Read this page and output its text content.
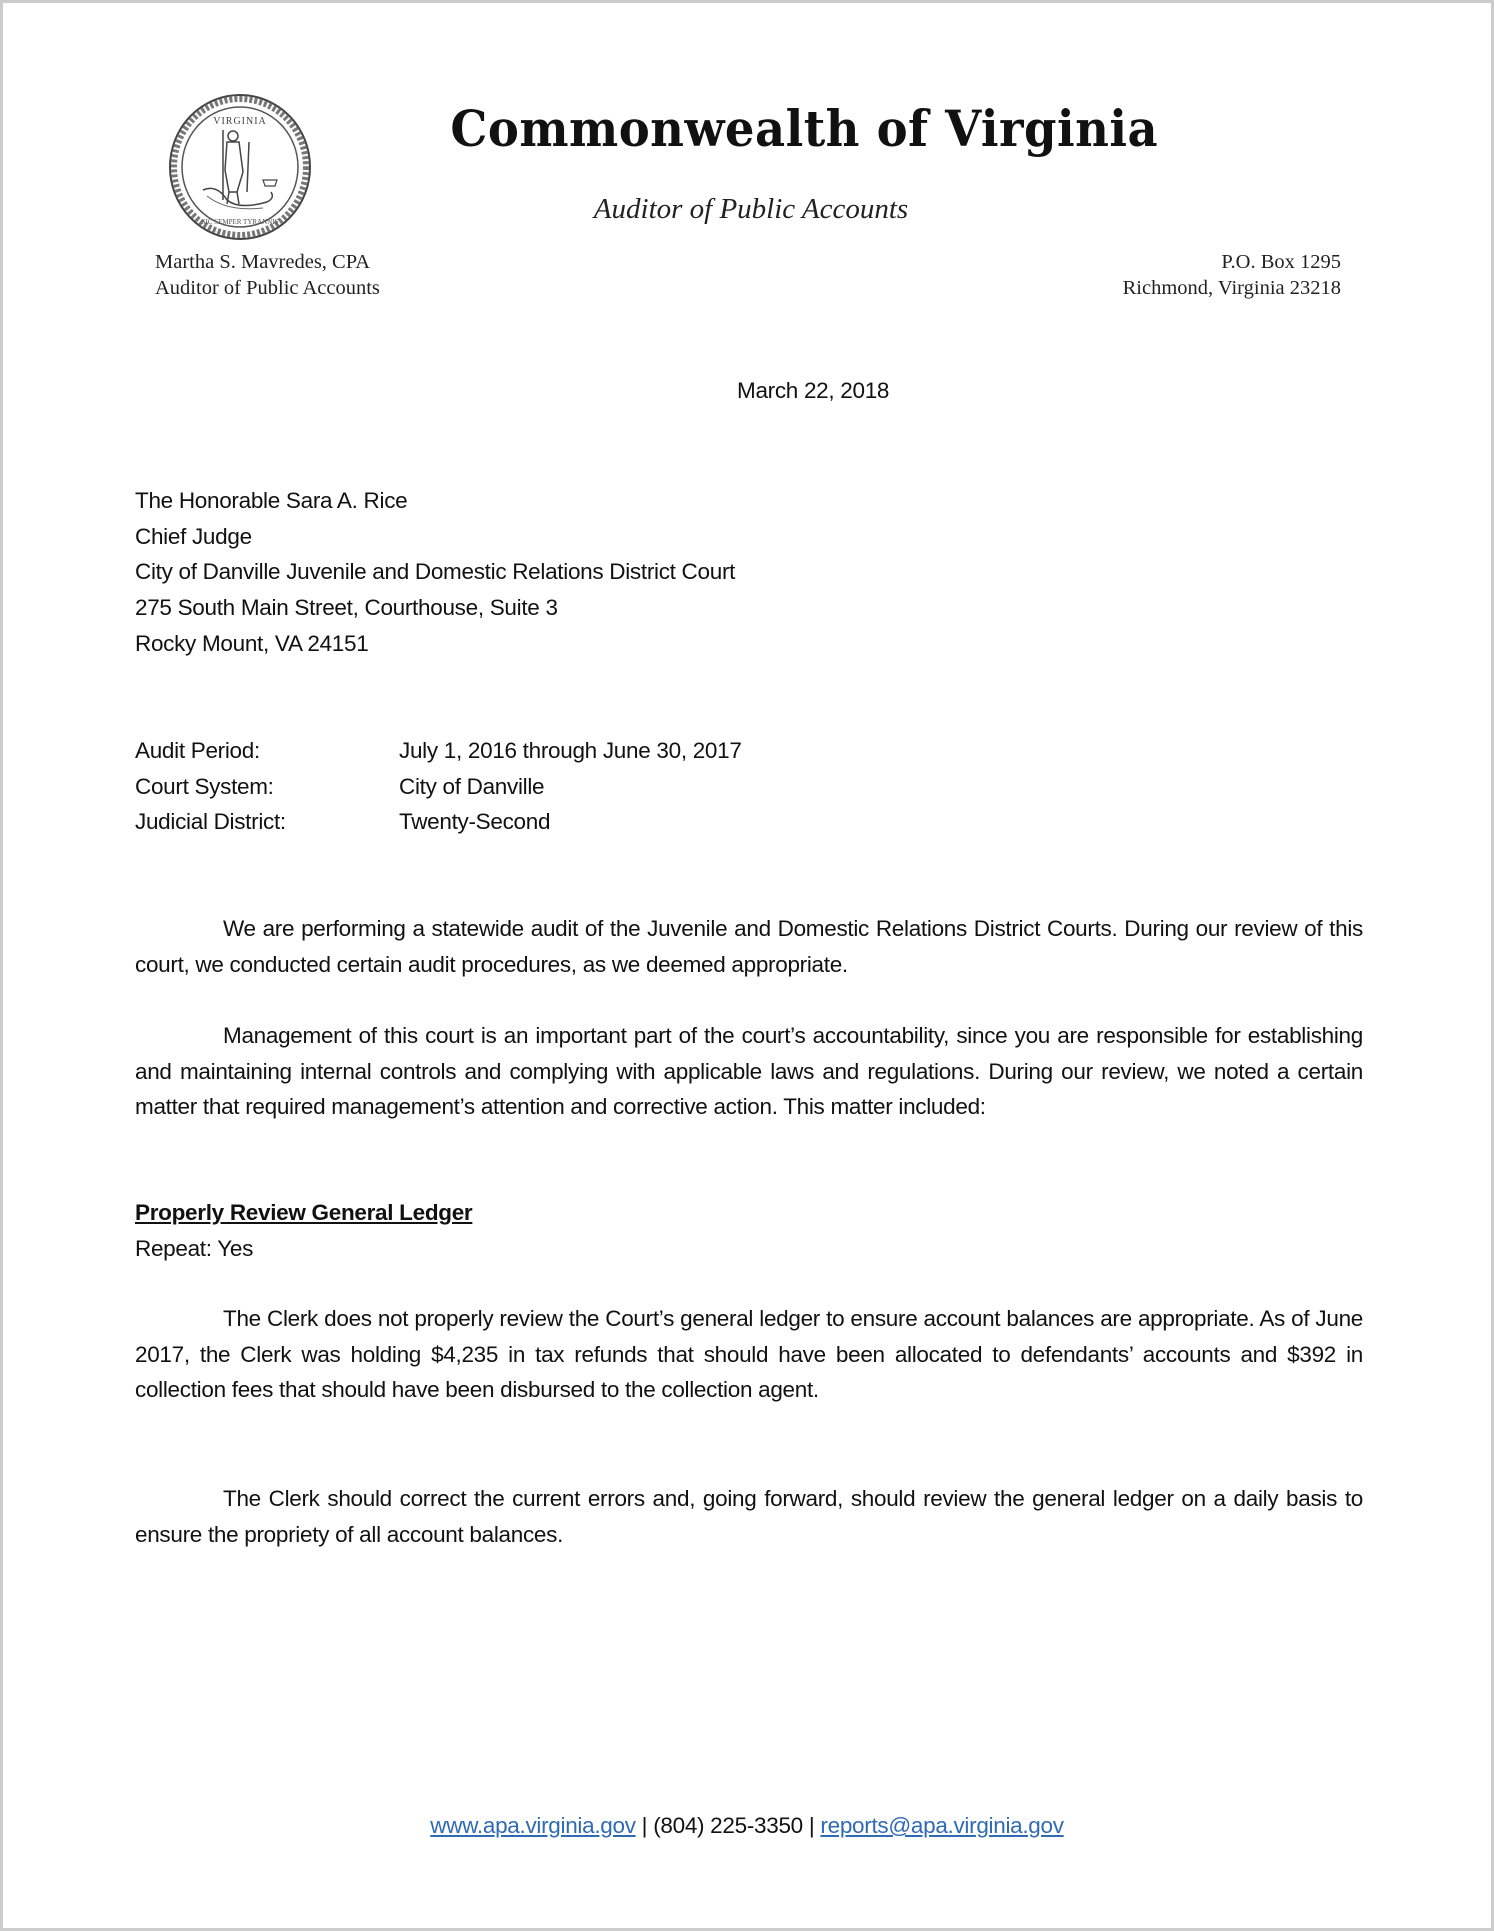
VIRGINIA
SIC SEMPER TYRANNIS
Commonwealth of Virginia
Auditor of Public Accounts
Martha S. Mavredes, CPA
Auditor of Public Accounts
P.O. Box 1295
Richmond, Virginia 23218
March 22, 2018
The Honorable Sara A. Rice
Chief Judge
City of Danville Juvenile and Domestic Relations District Court
275 South Main Street, Courthouse, Suite 3
Rocky Mount, VA 24151
Audit Period:	July 1, 2016 through June 30, 2017
Court System:	City of Danville
Judicial District:	Twenty-Second
We are performing a statewide audit of the Juvenile and Domestic Relations District Courts. During our review of this court, we conducted certain audit procedures, as we deemed appropriate.
Management of this court is an important part of the court’s accountability, since you are responsible for establishing and maintaining internal controls and complying with applicable laws and regulations. During our review, we noted a certain matter that required management’s attention and corrective action. This matter included:
Properly Review General Ledger
Repeat: Yes
The Clerk does not properly review the Court’s general ledger to ensure account balances are appropriate. As of June 2017, the Clerk was holding $4,235 in tax refunds that should have been allocated to defendants’ accounts and $392 in collection fees that should have been disbursed to the collection agent.
The Clerk should correct the current errors and, going forward, should review the general ledger on a daily basis to ensure the propriety of all account balances.
www.apa.virginia.gov | (804) 225-3350 | reports@apa.virginia.gov
